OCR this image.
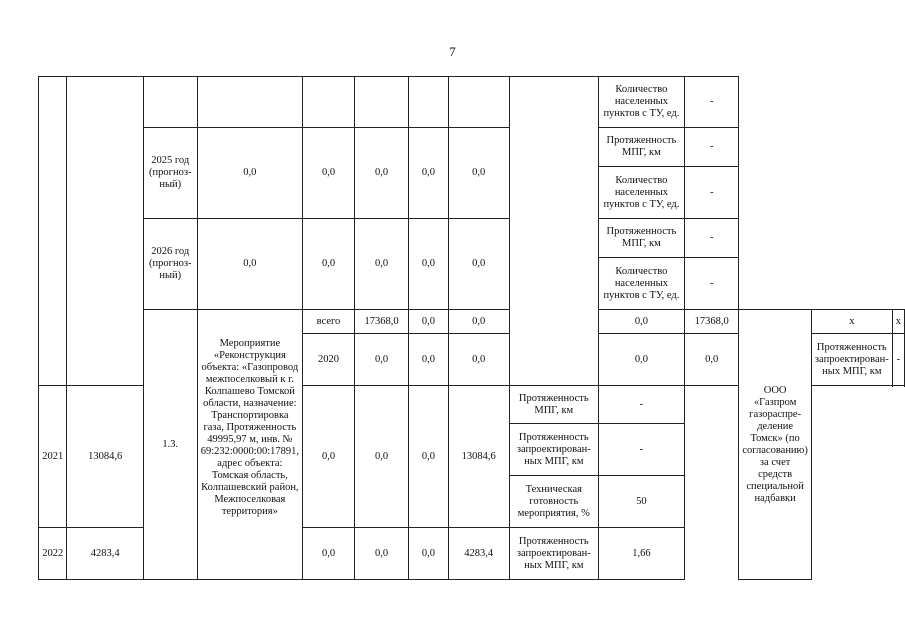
7
									Количество населенных пунктов с ТУ, ед.	-			
		2025 год (прогноз-ный)	0,0	0,0	0,0	0,0	0,0		Протяженность МПГ, км	-			
									Количество населенных пунктов с ТУ, ед.	-			
		2026 год (прогноз-ный)	0,0	0,0	0,0	0,0	0,0		Протяженность МПГ, км	-			
									Количество населенных пунктов с ТУ, ед.	-			
		1.3.	Мероприятие «Реконструкция объекта: «Газопровод межпоселковый к г. Колпашево Томской области, назначение: Транспортировка газа, Протяженность 49995,97 м, инв. № 69:232:0000:00:17891, адрес объекта: Томская область, Колпашевский район, Межпоселковая территория»	всего	17368,0	0,0	0,0		0,0	17368,0	ООО «Газпром газораспре-деление Томск» (по согласованию) за счет средств специальной надбавки	х	х
				2020	0,0	0,0	0,0		0,0	0,0		Протяженность запроектирован-ных МПГ, км	-

2021	13084,6			0,0	0,0	0,0	13084,6	Протяженность МПГ, км	-				
								Протяженность запроектирован-ных МПГ, км	-				
								Техническая готовность мероприятия, %	50				

2022	4283,4			0,0	0,0	0,0	4283,4	Протяженность запроектирован-ных МПГ, км	1,66				
